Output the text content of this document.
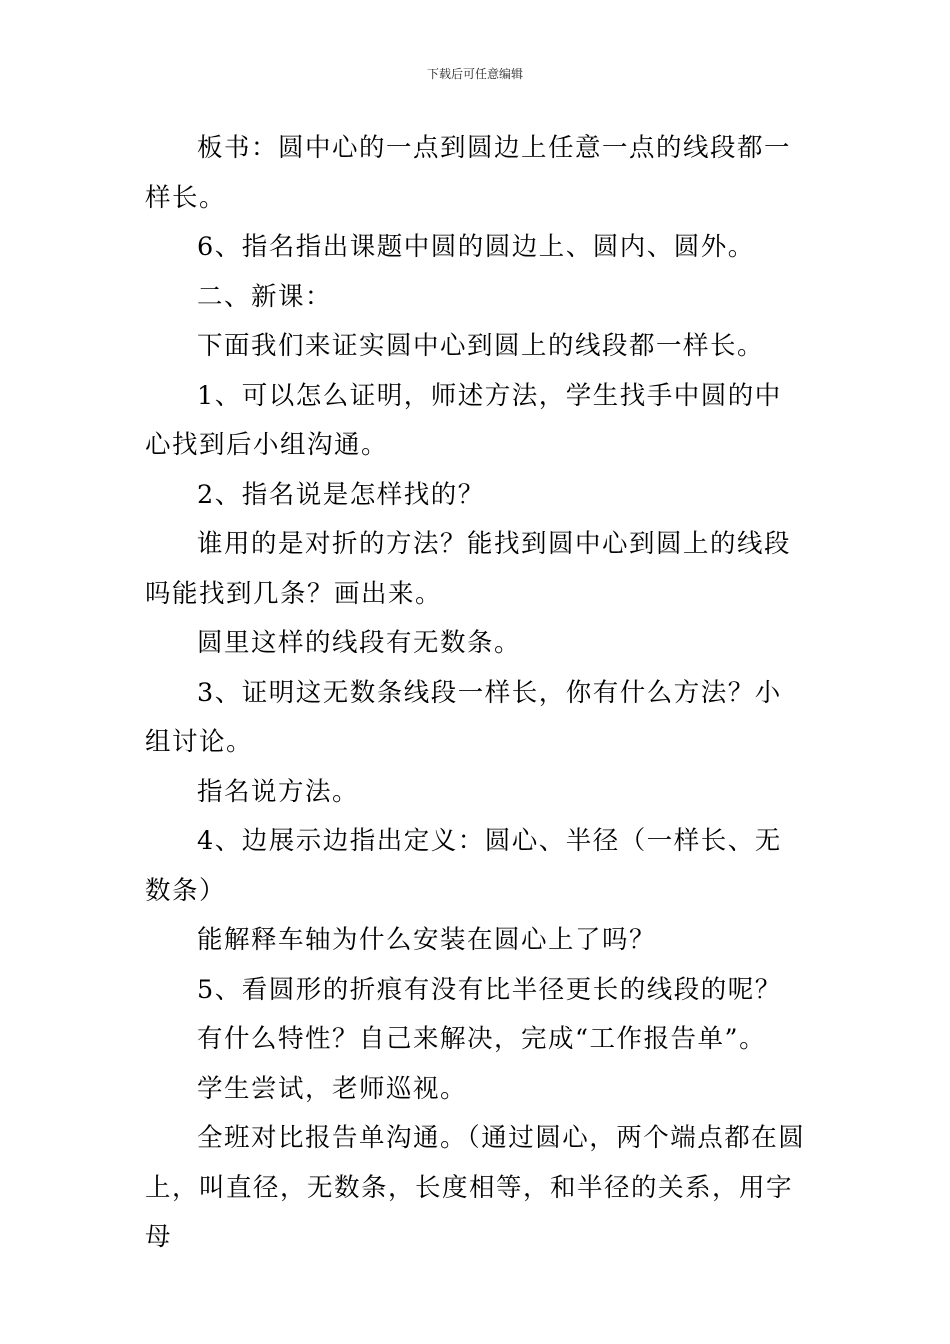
下载后可任意编辑

板书：圆中心的一点到圆边上任意一点的线段都一样长。

6、指名指出课题中圆的圆边上、圆内、圆外。

二、新课：

下面我们来证实圆中心到圆上的线段都一样长。

1、可以怎么证明，师述方法，学生找手中圆的中心找到后小组沟通。

2、指名说是怎样找的？

谁用的是对折的方法？能找到圆中心到圆上的线段吗能找到几条？画出来。

圆里这样的线段有无数条。

3、证明这无数条线段一样长，你有什么方法？小组讨论。

指名说方法。

4、边展示边指出定义：圆心、半径（一样长、无数条）

能解释车轴为什么安装在圆心上了吗？

5、看圆形的折痕有没有比半径更长的线段的呢？

有什么特性？自己来解决，完成“工作报告单”。

学生尝试，老师巡视。

全班对比报告单沟通。（通过圆心，两个端点都在圆上，叫直径，无数条，长度相等，和半径的关系，用字母
